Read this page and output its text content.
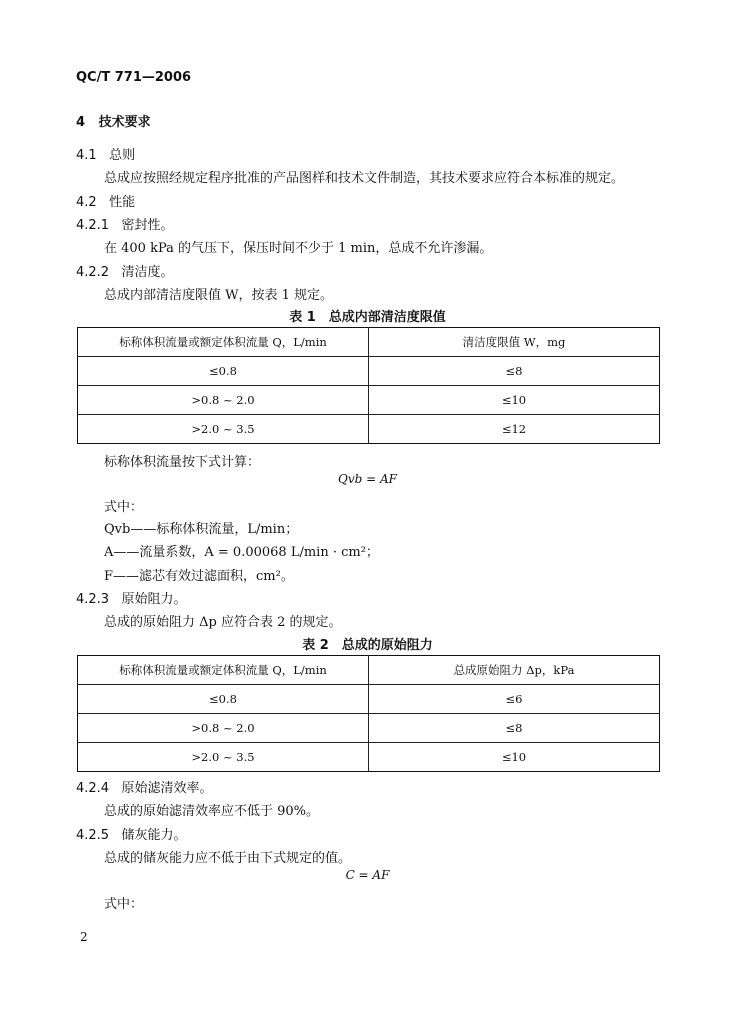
QC/T 771—2006
4 技术要求
4.1 总则
总成应按照经规定程序批准的产品图样和技术文件制造，其技术要求应符合本标准的规定。
4.2 性能
4.2.1 密封性。
在 400 kPa 的气压下，保压时间不少于 1 min，总成不允许渗漏。
4.2.2 清洁度。
总成内部清洁度限值 W，按表 1 规定。
表 1　总成内部清洁度限值
标称体积流量或额定体积流量 Q，L/min	清洁度限值 W，mg
≤0.8	≤8
>0.8 ~ 2.0	≤10
>2.0 ~ 3.5	≤12
标称体积流量按下式计算：
Qvb = AF
式中：
Qvb——标称体积流量，L/min；
A——流量系数，A = 0.00068 L/min · cm²；
F——滤芯有效过滤面积，cm²。
4.2.3 原始阻力。
总成的原始阻力 Δp 应符合表 2 的规定。
表 2　总成的原始阻力
标称体积流量或额定体积流量 Q，L/min	总成原始阻力 Δp，kPa
≤0.8	≤6
>0.8 ~ 2.0	≤8
>2.0 ~ 3.5	≤10
4.2.4 原始滤清效率。
总成的原始滤清效率应不低于 90%。
4.2.5 储灰能力。
总成的储灰能力应不低于由下式规定的值。
C = AF
式中：
2
